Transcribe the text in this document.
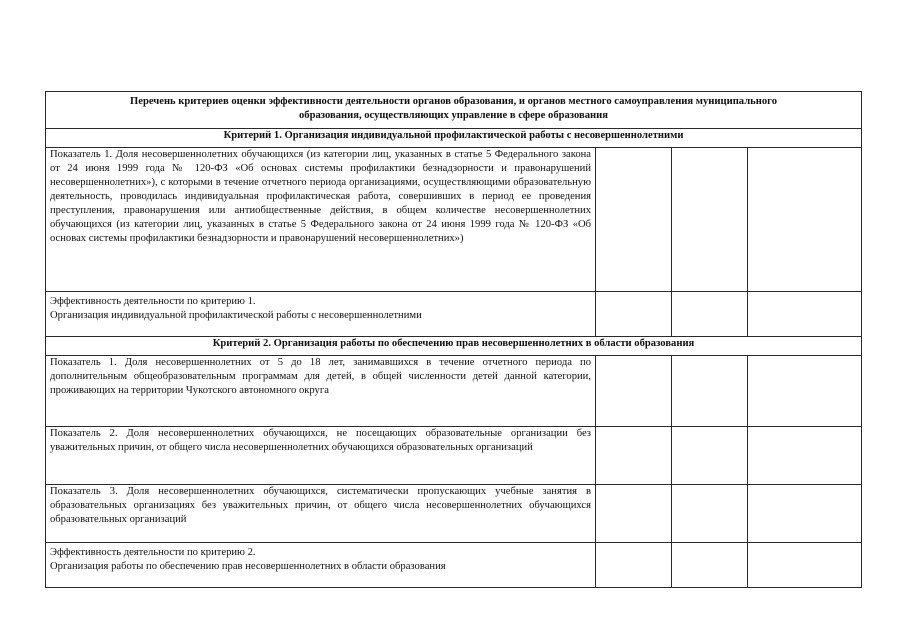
Перечень критериев оценки эффективности деятельности органов образования, и органов местного самоуправления муниципального
образования, осуществляющих управление в сфере образования			

Критерий 1. Организация индивидуальной профилактической работы с несовершеннолетними			
Показатель 1. Доля несовершеннолетних обучающихся (из категории лиц, указанных в статье 5 Федерального закона от 24 июня 1999 года № 120-ФЗ «Об основах системы профилактики безнадзорности и правонарушений несовершеннолетних»), с которыми в течение отчетного периода организациями, осуществляющими образовательную деятельность, проводилась индивидуальная профилактическая работа, совершивших в период ее проведения преступления, правонарушения или антиобщественные действия, в общем количестве несовершеннолетних обучающихся (из категории лиц, указанных в статье 5 Федерального закона от 24 июня 1999 года № 120-ФЗ «Об основах системы профилактики безнадзорности и правонарушений несовершеннолетних»)			

Эффективность деятельности по критерию 1.
Организация индивидуальной профилактической работы с несовершеннолетними			

Критерий 2. Организация работы по обеспечению прав несовершеннолетних в области образования			
Показатель 1. Доля несовершеннолетних от 5 до 18 лет, занимавшихся в течение отчетного периода по дополнительным общеобразовательным программам для детей, в общей численности детей данной категории, проживающих на территории Чукотского автономного округа			
Показатель 2. Доля несовершеннолетних обучающихся, не посещающих образовательные организации без уважительных причин, от общего числа несовершеннолетних обучающихся образовательных организаций			
Показатель 3. Доля несовершеннолетних обучающихся, систематически пропускающих учебные занятия в образовательных организациях без уважительных причин, от общего числа несовершеннолетних обучающихся образовательных организаций			

Эффективность деятельности по критерию 2.
Организация работы по обеспечению прав несовершеннолетних в области образования			
